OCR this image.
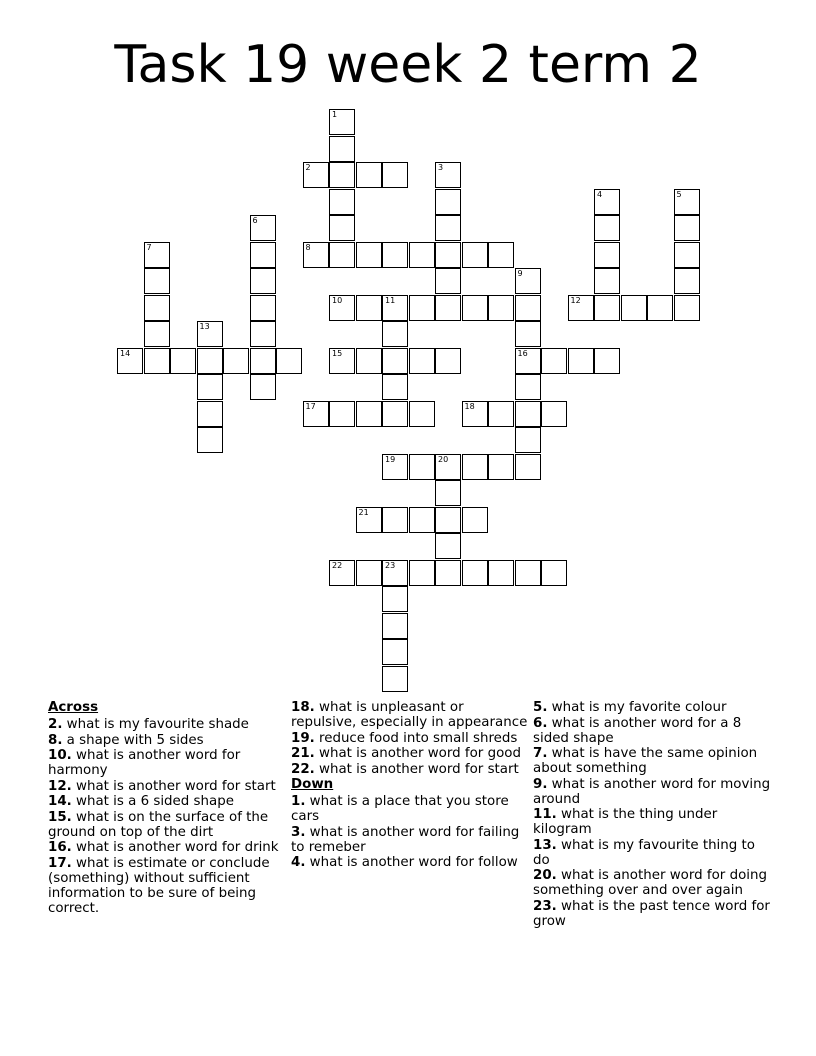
Task 19 week 2 term 2
1
2	3
4	5
6
7	8
9
16
10	11	12
13
14	15
17	18
19	20
21
22	23
Across
2. what is my favourite shade
8. a shape with 5 sides
10. what is another word for harmony
12. what is another word for start
14. what is a 6 sided shape
15. what is on the surface of the ground on top of the dirt
16. what is another word for drink
17. what is estimate or conclude (something) without sufficient information to be sure of being correct.
18. what is unpleasant or repulsive, especially in appearance
19. reduce food into small shreds
21. what is another word for good
22. what is another word for start
Down
1. what is a place that you store cars
3. what is another word for failing to remeber
4. what is another word for follow
5. what is my favorite colour
6. what is another word for a 8 sided shape
7. what is have the same opinion about something
9. what is another word for moving around
11. what is the thing under kilogram
13. what is my favourite thing to do
20. what is another word for doing something over and over again
23. what is the past tence word for grow
